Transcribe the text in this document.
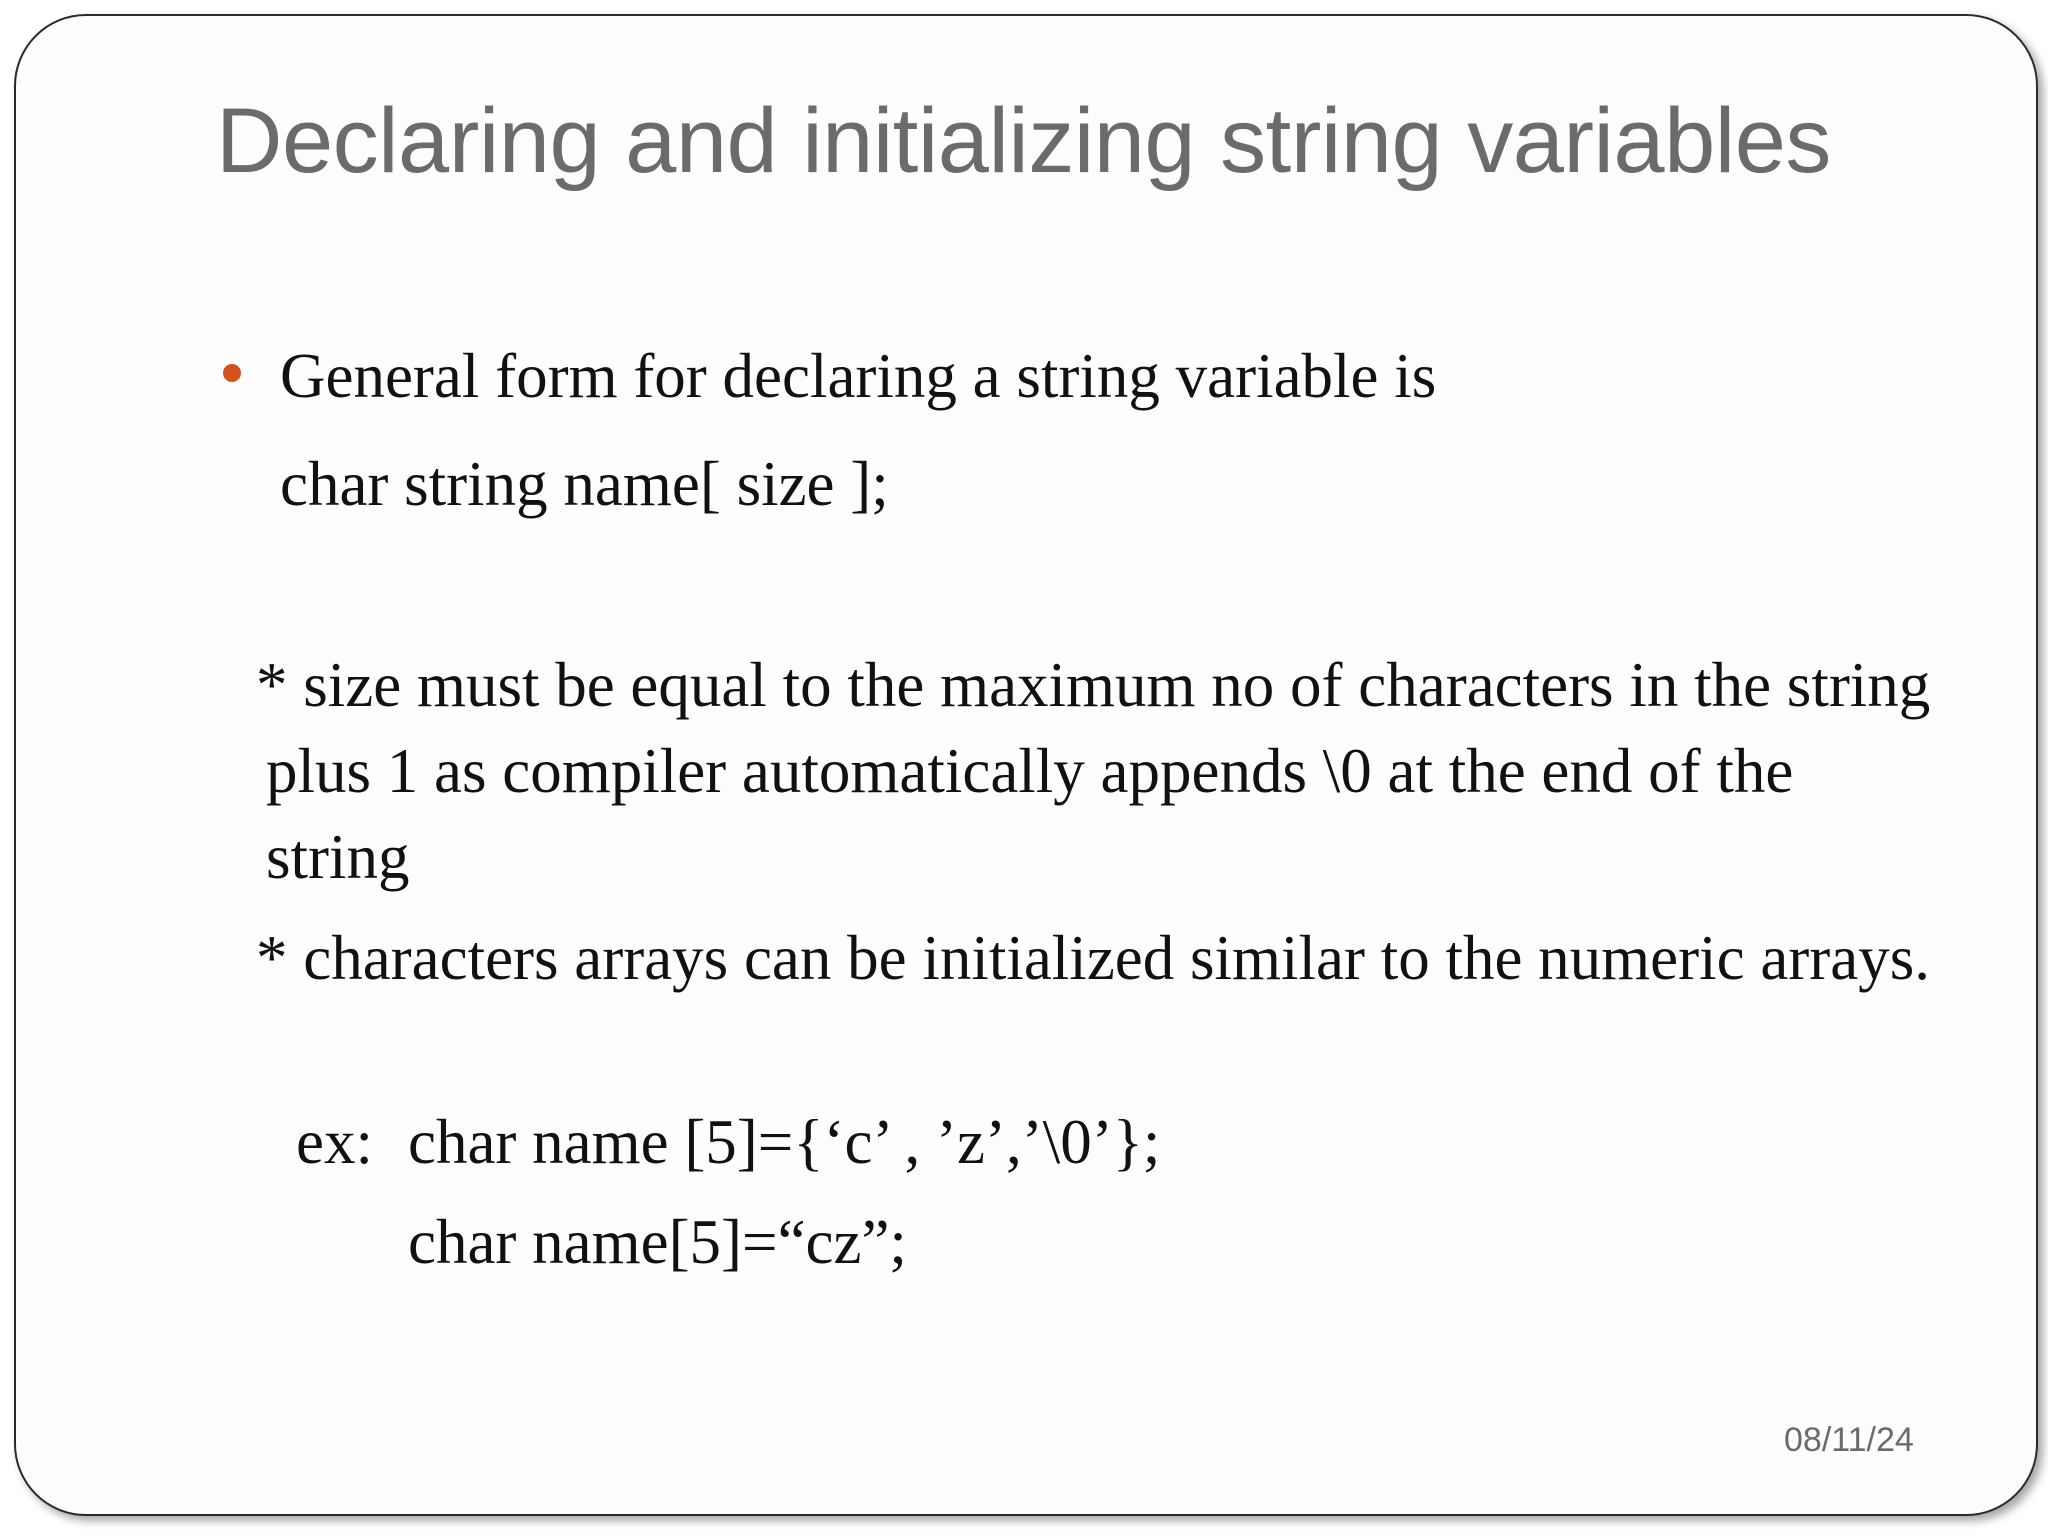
Declaring and initializing string variables

General form for declaring a string variable is

char string name[ size ];

* size must be equal to the maximum no of characters in the string plus 1 as compiler automatically appends \0 at the end of the string

* characters arrays can be initialized similar to the numeric arrays.

ex: char name [5]={‘c’ , ’z’,’\0’};

char name[5]=“cz”;

08/11/24
